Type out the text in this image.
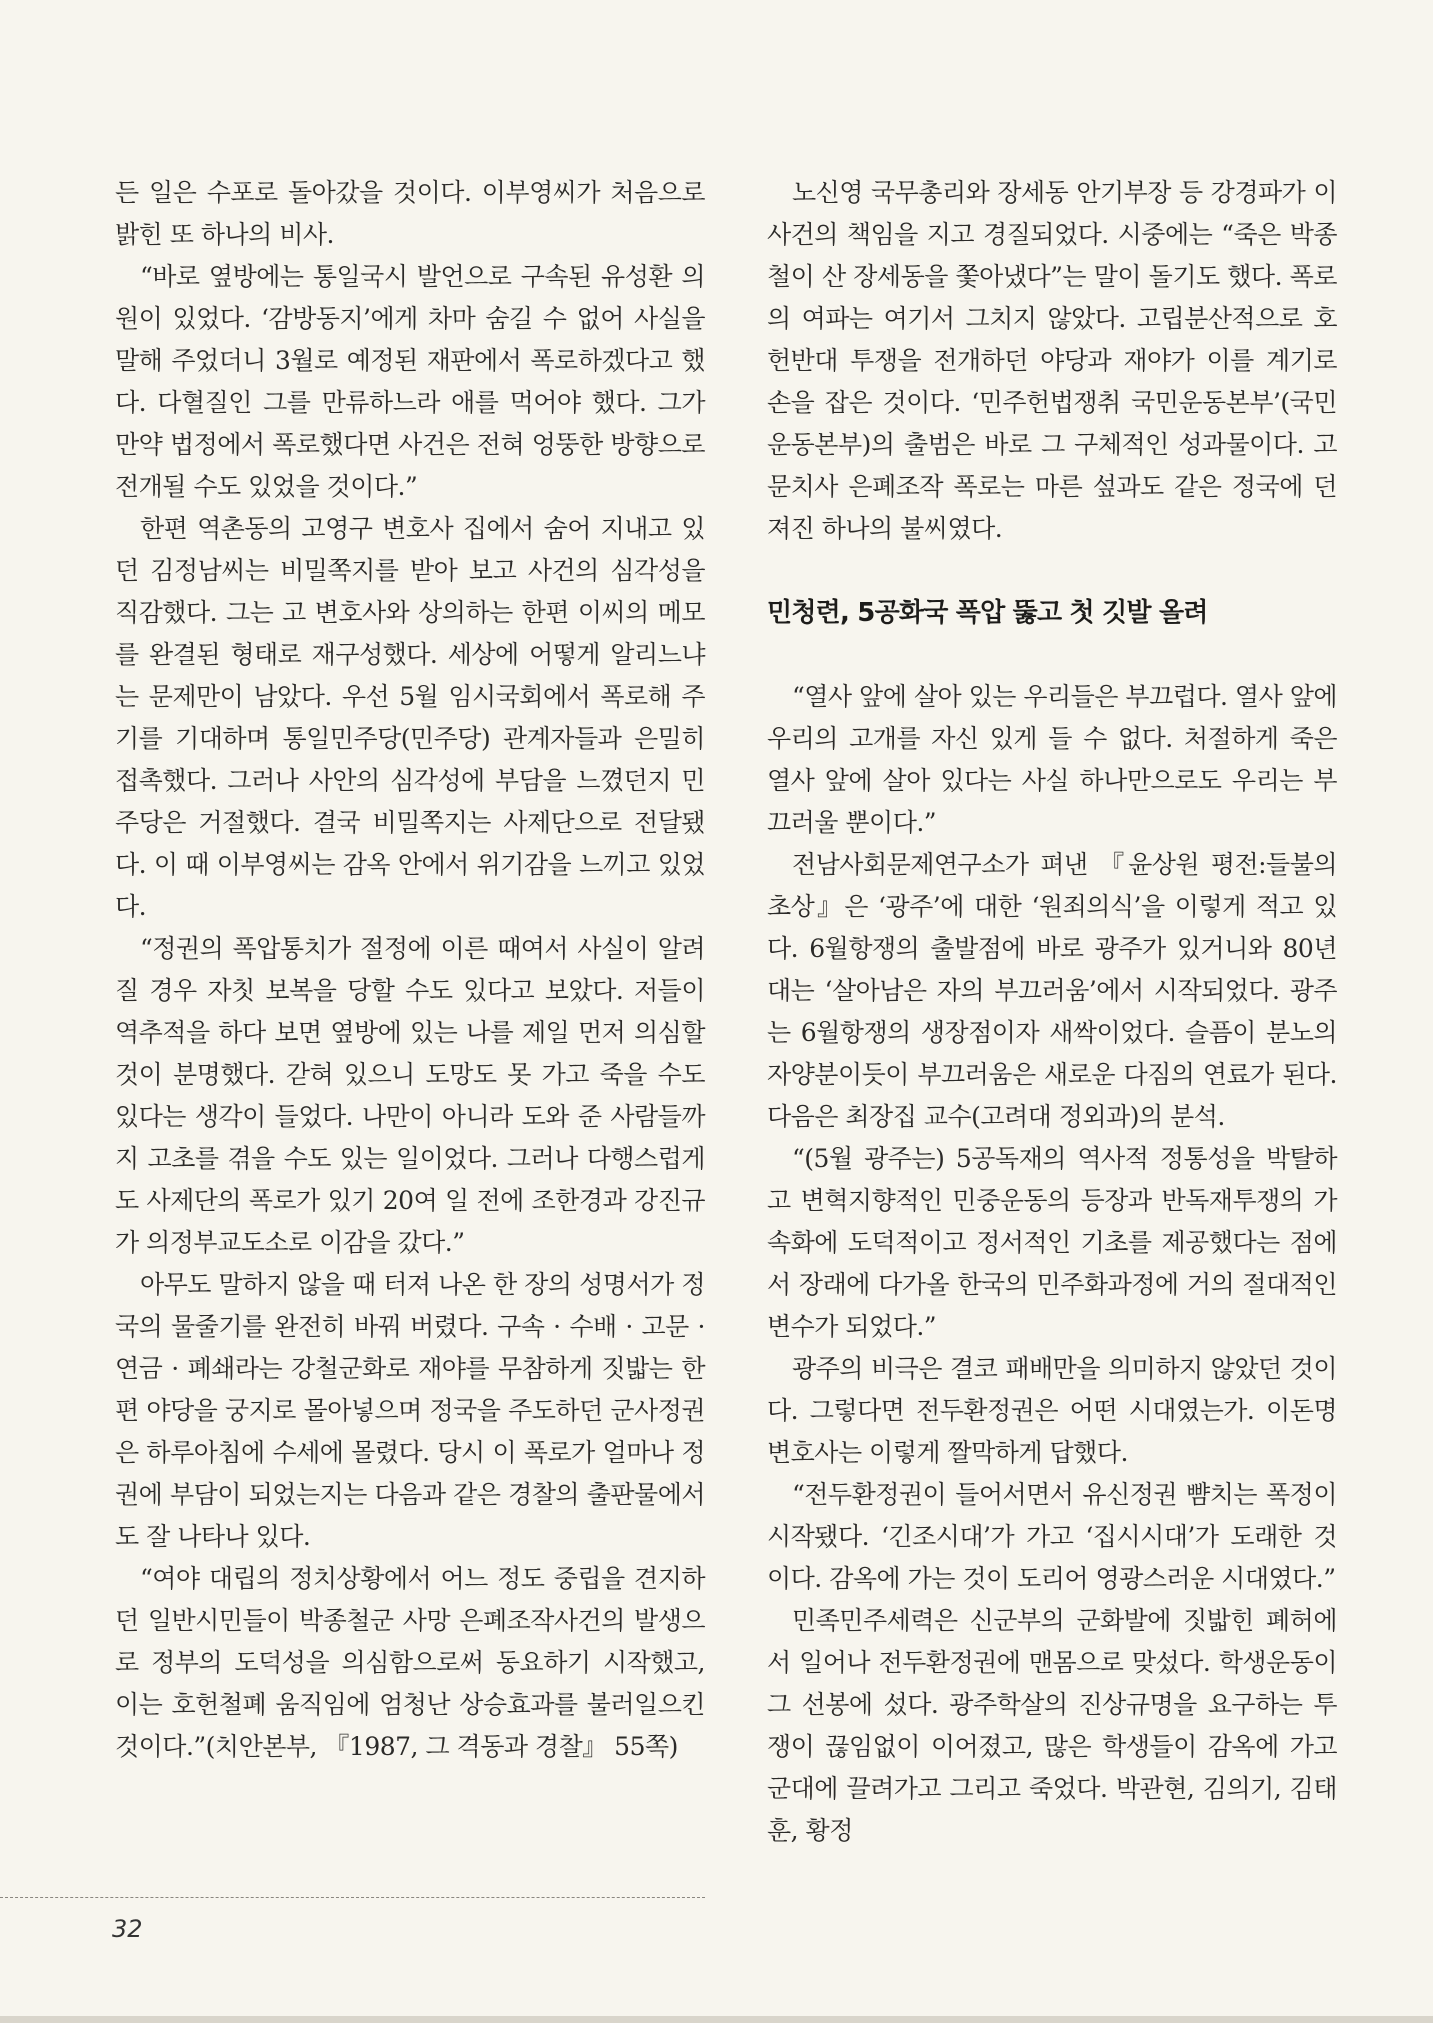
든 일은 수포로 돌아갔을 것이다. 이부영씨가 처음으로 밝힌 또 하나의 비사.

“바로 옆방에는 통일국시 발언으로 구속된 유성환 의원이 있었다. ‘감방동지’에게 차마 숨길 수 없어 사실을 말해 주었더니 3월로 예정된 재판에서 폭로하겠다고 했다. 다혈질인 그를 만류하느라 애를 먹어야 했다. 그가 만약 법정에서 폭로했다면 사건은 전혀 엉뚱한 방향으로 전개될 수도 있었을 것이다.”

한편 역촌동의 고영구 변호사 집에서 숨어 지내고 있던 김정남씨는 비밀쪽지를 받아 보고 사건의 심각성을 직감했다. 그는 고 변호사와 상의하는 한편 이씨의 메모를 완결된 형태로 재구성했다. 세상에 어떻게 알리느냐는 문제만이 남았다. 우선 5월 임시국회에서 폭로해 주기를 기대하며 통일민주당(민주당) 관계자들과 은밀히 접촉했다. 그러나 사안의 심각성에 부담을 느꼈던지 민주당은 거절했다. 결국 비밀쪽지는 사제단으로 전달됐다. 이 때 이부영씨는 감옥 안에서 위기감을 느끼고 있었다.

“정권의 폭압통치가 절정에 이른 때여서 사실이 알려질 경우 자칫 보복을 당할 수도 있다고 보았다. 저들이 역추적을 하다 보면 옆방에 있는 나를 제일 먼저 의심할 것이 분명했다. 갇혀 있으니 도망도 못 가고 죽을 수도 있다는 생각이 들었다. 나만이 아니라 도와 준 사람들까지 고초를 겪을 수도 있는 일이었다. 그러나 다행스럽게도 사제단의 폭로가 있기 20여 일 전에 조한경과 강진규가 의정부교도소로 이감을 갔다.”

아무도 말하지 않을 때 터져 나온 한 장의 성명서가 정국의 물줄기를 완전히 바꿔 버렸다. 구속 · 수배 · 고문 · 연금 · 폐쇄라는 강철군화로 재야를 무참하게 짓밟는 한편 야당을 궁지로 몰아넣으며 정국을 주도하던 군사정권은 하루아침에 수세에 몰렸다. 당시 이 폭로가 얼마나 정권에 부담이 되었는지는 다음과 같은 경찰의 출판물에서도 잘 나타나 있다.

“여야 대립의 정치상황에서 어느 정도 중립을 견지하던 일반시민들이 박종철군 사망 은폐조작사건의 발생으로 정부의 도덕성을 의심함으로써 동요하기 시작했고, 이는 호헌철폐 움직임에 엄청난 상승효과를 불러일으킨 것이다.”(치안본부, 『1987, 그 격동과 경찰』 55쪽)

노신영 국무총리와 장세동 안기부장 등 강경파가 이 사건의 책임을 지고 경질되었다. 시중에는 “죽은 박종철이 산 장세동을 쫓아냈다”는 말이 돌기도 했다. 폭로의 여파는 여기서 그치지 않았다. 고립분산적으로 호헌반대 투쟁을 전개하던 야당과 재야가 이를 계기로 손을 잡은 것이다. ‘민주헌법쟁취 국민운동본부’(국민운동본부)의 출범은 바로 그 구체적인 성과물이다. 고문치사 은폐조작 폭로는 마른 섶과도 같은 정국에 던져진 하나의 불씨였다.

민청련, 5공화국 폭압 뚫고 첫 깃발 올려

“열사 앞에 살아 있는 우리들은 부끄럽다. 열사 앞에 우리의 고개를 자신 있게 들 수 없다. 처절하게 죽은 열사 앞에 살아 있다는 사실 하나만으로도 우리는 부끄러울 뿐이다.”

전남사회문제연구소가 펴낸 『윤상원 평전:들불의 초상』은 ‘광주’에 대한 ‘원죄의식’을 이렇게 적고 있다. 6월항쟁의 출발점에 바로 광주가 있거니와 80년대는 ‘살아남은 자의 부끄러움’에서 시작되었다. 광주는 6월항쟁의 생장점이자 새싹이었다. 슬픔이 분노의 자양분이듯이 부끄러움은 새로운 다짐의 연료가 된다. 다음은 최장집 교수(고려대 정외과)의 분석.

“(5월 광주는) 5공독재의 역사적 정통성을 박탈하고 변혁지향적인 민중운동의 등장과 반독재투쟁의 가속화에 도덕적이고 정서적인 기초를 제공했다는 점에서 장래에 다가올 한국의 민주화과정에 거의 절대적인 변수가 되었다.”

광주의 비극은 결코 패배만을 의미하지 않았던 것이다. 그렇다면 전두환정권은 어떤 시대였는가. 이돈명 변호사는 이렇게 짤막하게 답했다.

“전두환정권이 들어서면서 유신정권 뺨치는 폭정이 시작됐다. ‘긴조시대’가 가고 ‘집시시대’가 도래한 것이다. 감옥에 가는 것이 도리어 영광스러운 시대였다.”

민족민주세력은 신군부의 군화발에 짓밟힌 폐허에서 일어나 전두환정권에 맨몸으로 맞섰다. 학생운동이 그 선봉에 섰다. 광주학살의 진상규명을 요구하는 투쟁이 끊임없이 이어졌고, 많은 학생들이 감옥에 가고 군대에 끌려가고 그리고 죽었다. 박관현, 김의기, 김태훈, 황정

32
